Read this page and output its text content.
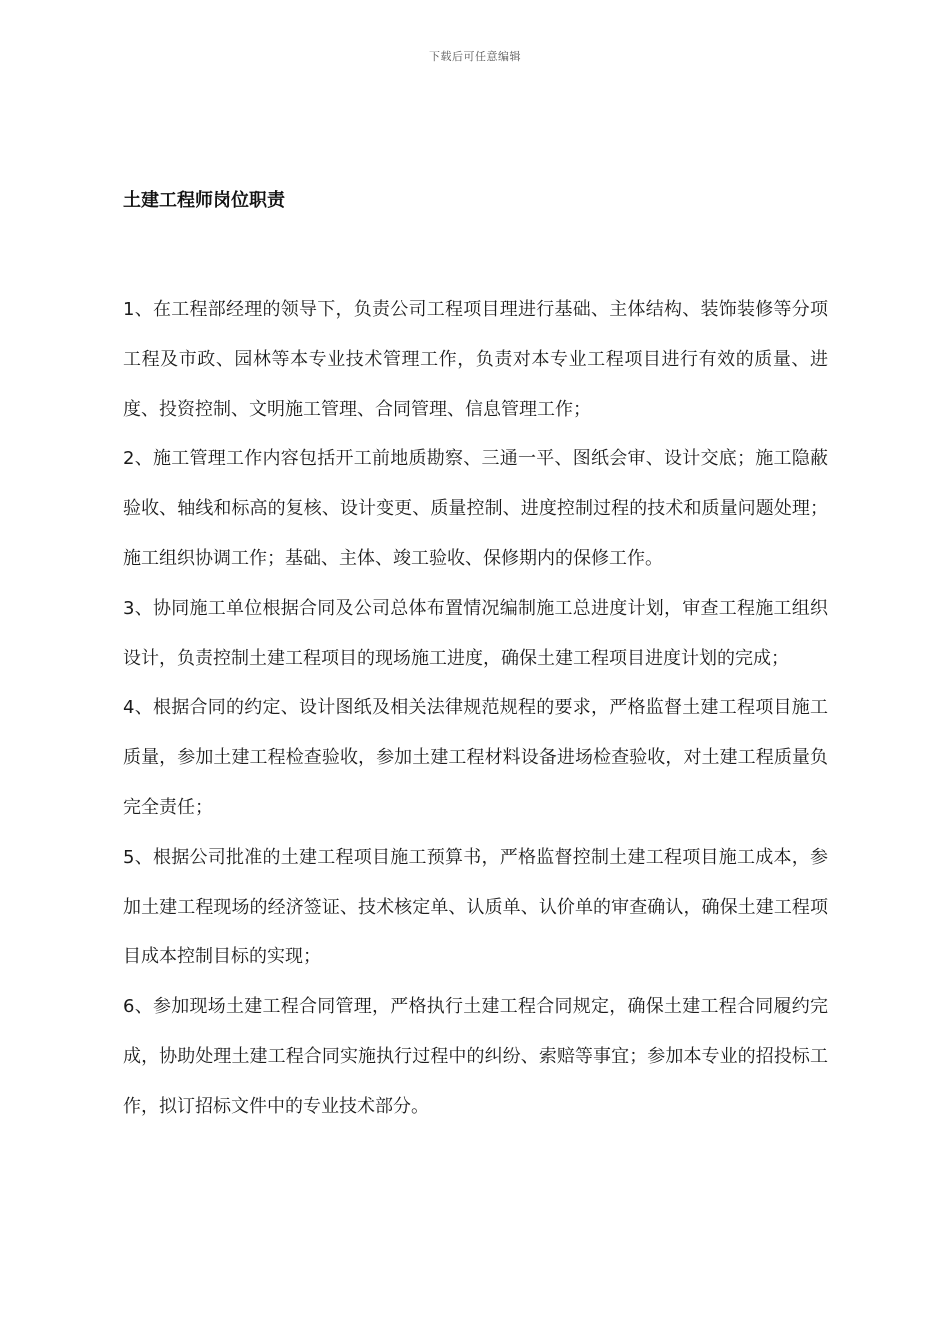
下载后可任意编辑
土建工程师岗位职责

1、在工程部经理的领导下，负责公司工程项目理进行基础、主体结构、装饰装修等分项工程及市政、园林等本专业技术管理工作，负责对本专业工程项目进行有效的质量、进度、投资控制、文明施工管理、合同管理、信息管理工作；

2、施工管理工作内容包括开工前地质勘察、三通一平、图纸会审、设计交底；施工隐蔽验收、轴线和标高的复核、设计变更、质量控制、进度控制过程的技术和质量问题处理；施工组织协调工作；基础、主体、竣工验收、保修期内的保修工作。

3、协同施工单位根据合同及公司总体布置情况编制施工总进度计划，审查工程施工组织设计，负责控制土建工程项目的现场施工进度，确保土建工程项目进度计划的完成；

4、根据合同的约定、设计图纸及相关法律规范规程的要求，严格监督土建工程项目施工质量，参加土建工程检查验收，参加土建工程材料设备进场检查验收，对土建工程质量负完全责任；

5、根据公司批准的土建工程项目施工预算书，严格监督控制土建工程项目施工成本，参加土建工程现场的经济签证、技术核定单、认质单、认价单的审查确认，确保土建工程项目成本控制目标的实现；

6、参加现场土建工程合同管理，严格执行土建工程合同规定，确保土建工程合同履约完成，协助处理土建工程合同实施执行过程中的纠纷、索赔等事宜；参加本专业的招投标工作，拟订招标文件中的专业技术部分。
